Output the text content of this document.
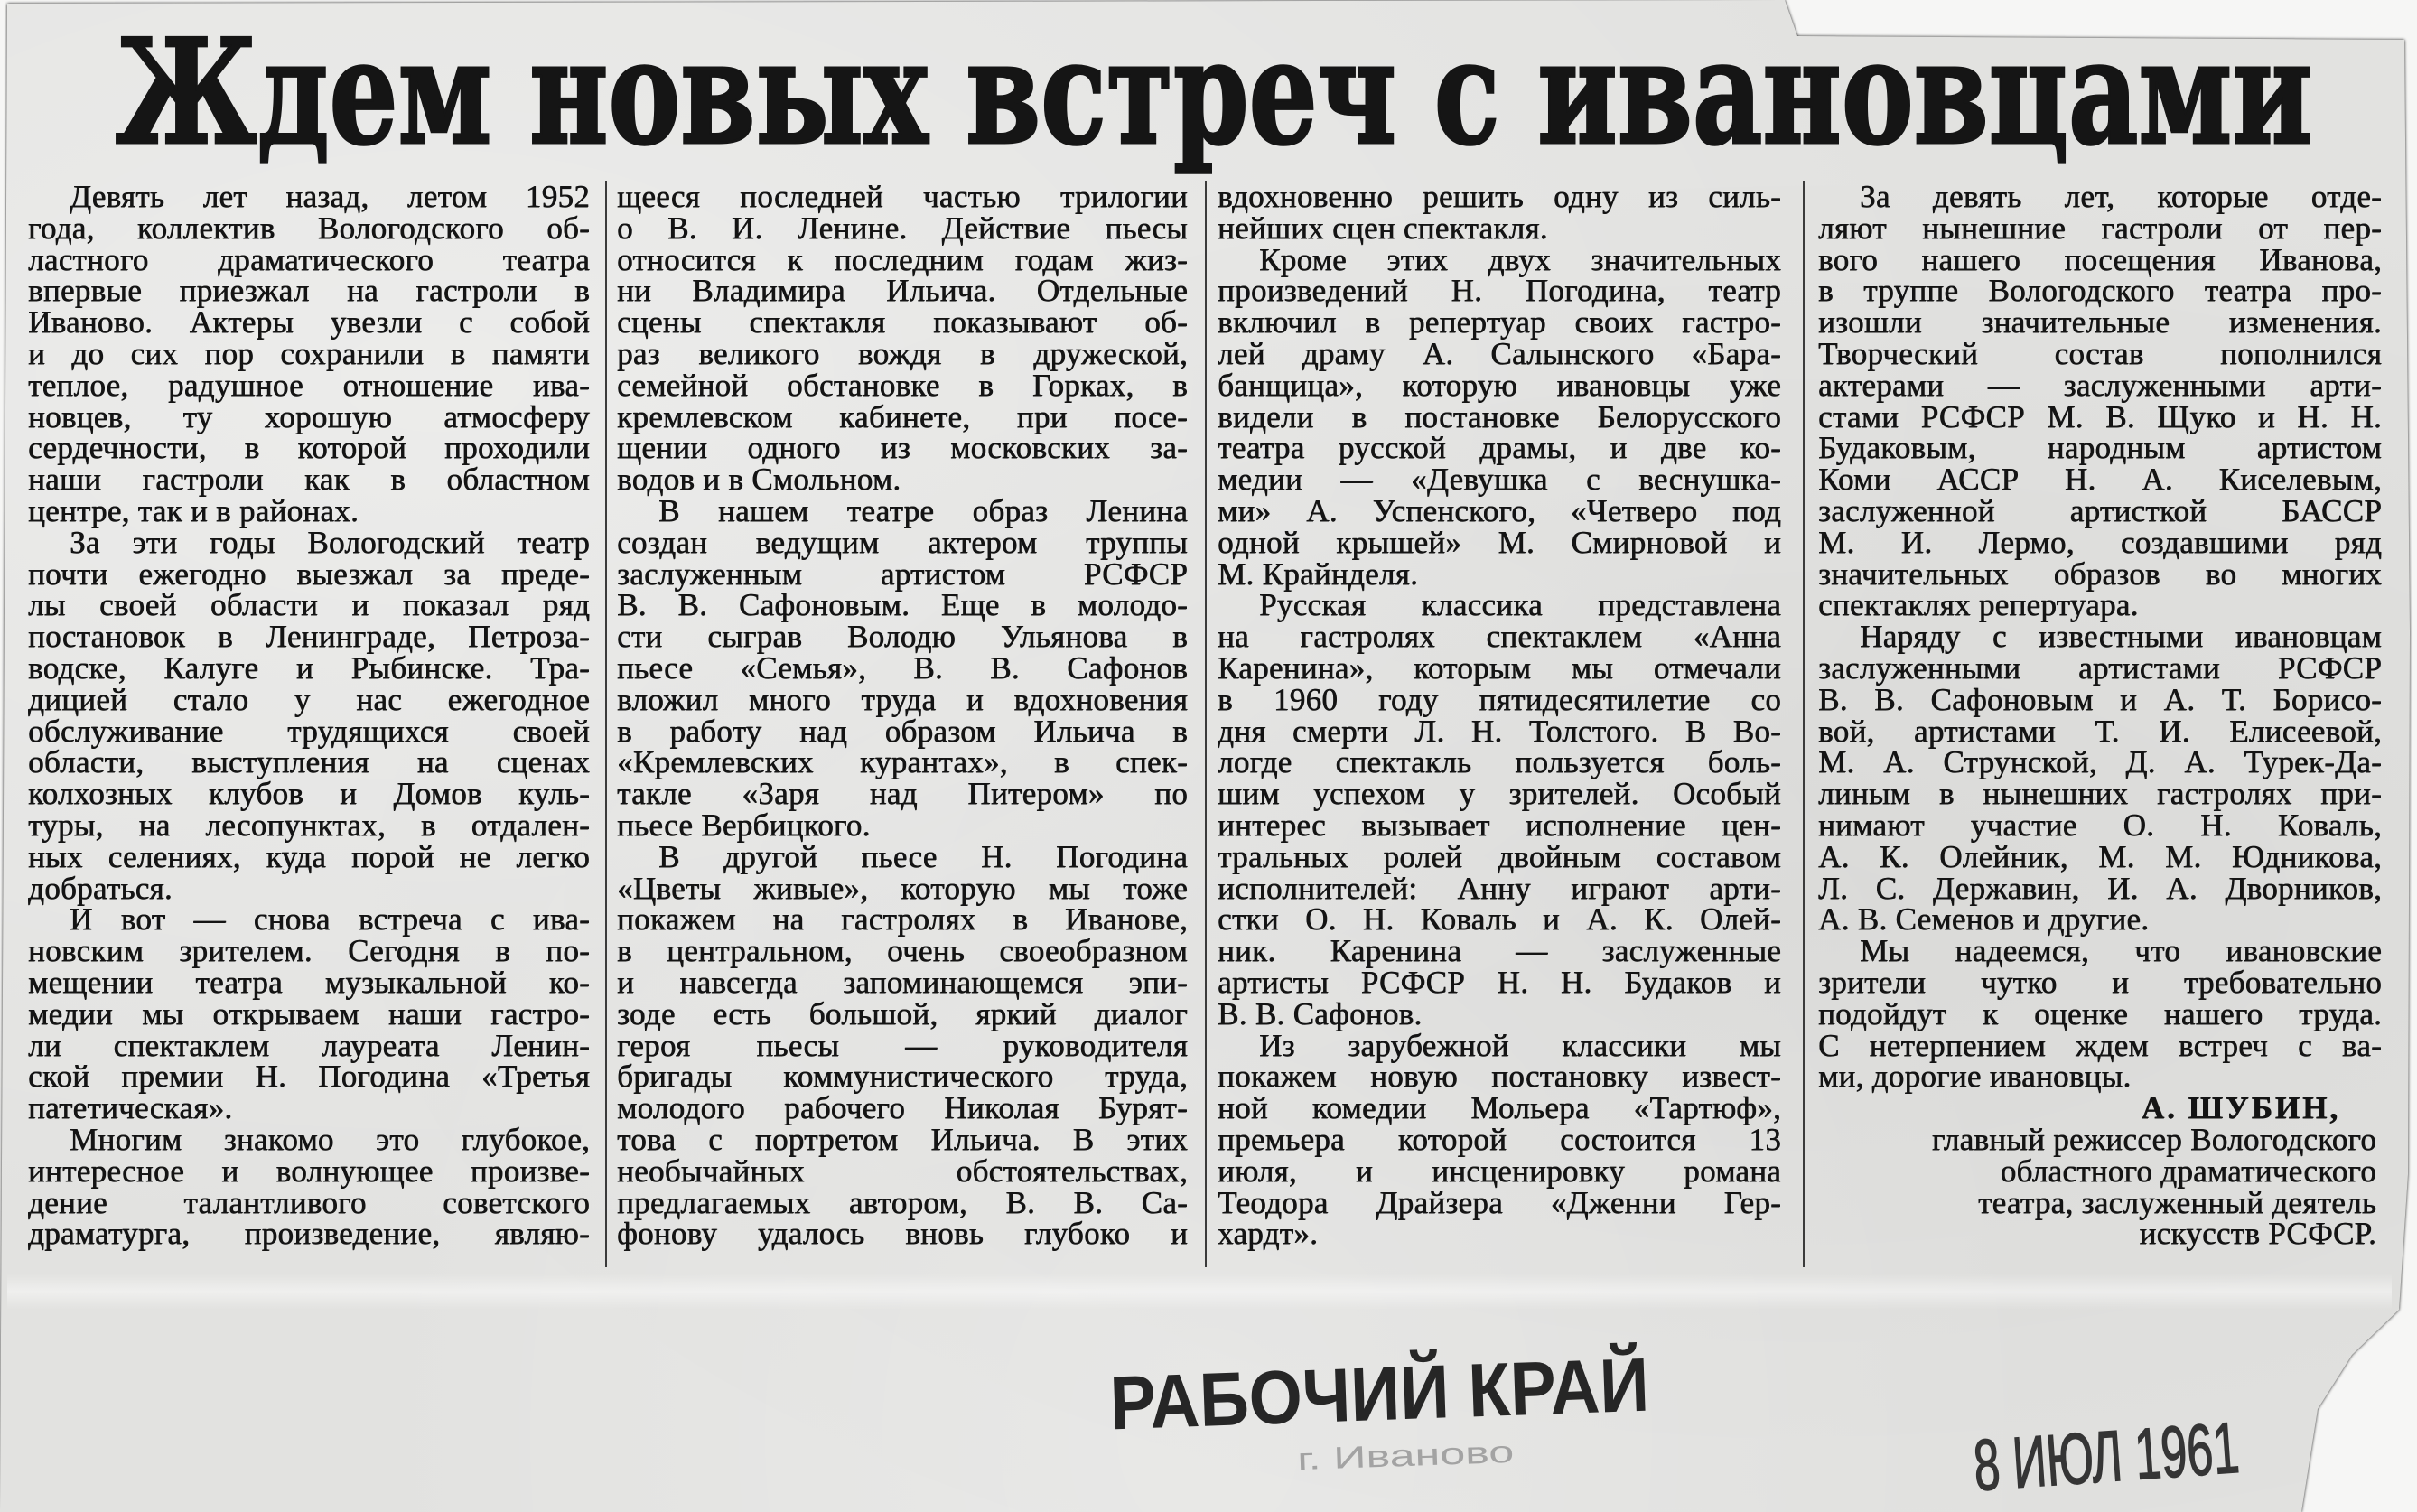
Ждем новых встреч с ивановцами
Девять лет назад, летом 1952
года, коллектив Вологодского об-
ластного драматического театра
впервые приезжал на гастроли в
Иваново. Актеры увезли с собой
и до сих пор сохранили в памяти
теплое, радушное отношение ива-
новцев, ту хорошую атмосферу
сердечности, в которой проходили
наши гастроли как в областном
центре, так и в районах.
За эти годы Вологодский театр
почти ежегодно выезжал за преде-
лы своей области и показал ряд
постановок в Ленинграде, Петроза-
водске, Калуге и Рыбинске. Тра-
дицией стало у нас ежегодное
обслуживание трудящихся своей
области, выступления на сценах
колхозных клубов и Домов куль-
туры, на лесопунктах, в отдален-
ных селениях, куда порой не легко
добраться.
И вот — снова встреча с ива-
новским зрителем. Сегодня в по-
мещении театра музыкальной ко-
медии мы открываем наши гастро-
ли спектаклем лауреата Ленин-
ской премии Н. Погодина «Третья
патетическая».
Многим знакомо это глубокое,
интересное и волнующее произве-
дение талантливого советского
драматурга, произведение, являю-
щееся последней частью трилогии
о В. И. Ленине. Действие пьесы
относится к последним годам жиз-
ни Владимира Ильича. Отдельные
сцены спектакля показывают об-
раз великого вождя в дружеской,
семейной обстановке в Горках, в
кремлевском кабинете, при посе-
щении одного из московских за-
водов и в Смольном.
В нашем театре образ Ленина
создан ведущим актером труппы
заслуженным артистом РСФСР
В. В. Сафоновым. Еще в молодо-
сти сыграв Володю Ульянова в
пьесе «Семья», В. В. Сафонов
вложил много труда и вдохновения
в работу над образом Ильича в
«Кремлевских курантах», в спек-
такле «Заря над Питером» по
пьесе Вербицкого.
В другой пьесе Н. Погодина
«Цветы живые», которую мы тоже
покажем на гастролях в Иванове,
в центральном, очень своеобразном
и навсегда запоминающемся эпи-
зоде есть большой, яркий диалог
героя пьесы — руководителя
бригады коммунистического труда,
молодого рабочего Николая Бурят-
това с портретом Ильича. В этих
необычайных обстоятельствах,
предлагаемых автором, В. В. Са-
фонову удалось вновь глубоко и
вдохновенно решить одну из силь-
нейших сцен спектакля.
Кроме этих двух значительных
произведений Н. Погодина, театр
включил в репертуар своих гастро-
лей драму А. Салынского «Бара-
банщица», которую ивановцы уже
видели в постановке Белорусского
театра русской драмы, и две ко-
медии — «Девушка с веснушка-
ми» А. Успенского, «Четверо под
одной крышей» М. Смирновой и
М. Крайнделя.
Русская классика представлена
на гастролях спектаклем «Анна
Каренина», которым мы отмечали
в 1960 году пятидесятилетие со
дня смерти Л. Н. Толстого. В Во-
логде спектакль пользуется боль-
шим успехом у зрителей. Особый
интерес вызывает исполнение цен-
тральных ролей двойным составом
исполнителей: Анну играют арти-
стки О. Н. Коваль и А. К. Олей-
ник. Каренина — заслуженные
артисты РСФСР Н. Н. Будаков и
В. В. Сафонов.
Из зарубежной классики мы
покажем новую постановку извест-
ной комедии Мольера «Тартюф»,
премьера которой состоится 13
июля, и инсценировку романа
Теодора Драйзера «Дженни Гер-
хардт».
За девять лет, которые отде-
ляют нынешние гастроли от пер-
вого нашего посещения Иванова,
в труппе Вологодского театра про-
изошли значительные изменения.
Творческий состав пополнился
актерами — заслуженными арти-
стами РСФСР М. В. Щуко и Н. Н.
Будаковым, народным артистом
Коми АССР Н. А. Киселевым,
заслуженной артисткой БАССР
М. И. Лермо, создавшими ряд
значительных образов во многих
спектаклях репертуара.
Наряду с известными ивановцам
заслуженными артистами РСФСР
В. В. Сафоновым и А. Т. Борисо-
вой, артистами Т. И. Елисеевой,
М. А. Струнской, Д. А. Турек-Да-
линым в нынешних гастролях при-
нимают участие О. Н. Коваль,
А. К. Олейник, М. М. Юдникова,
Л. С. Державин, И. А. Дворников,
А. В. Семенов и другие.
Мы надеемся, что ивановские
зрители чутко и требовательно
подойдут к оценке нашего труда.
С нетерпением ждем встреч с ва-
ми, дорогие ивановцы.
А. ШУБИН,
главный режиссер Вологодского
областного драматического
театра, заслуженный деятель
искусств РСФСР.
РАБОЧИЙ КРАЙ
г. Иваново	8 ИЮЛ 1961
